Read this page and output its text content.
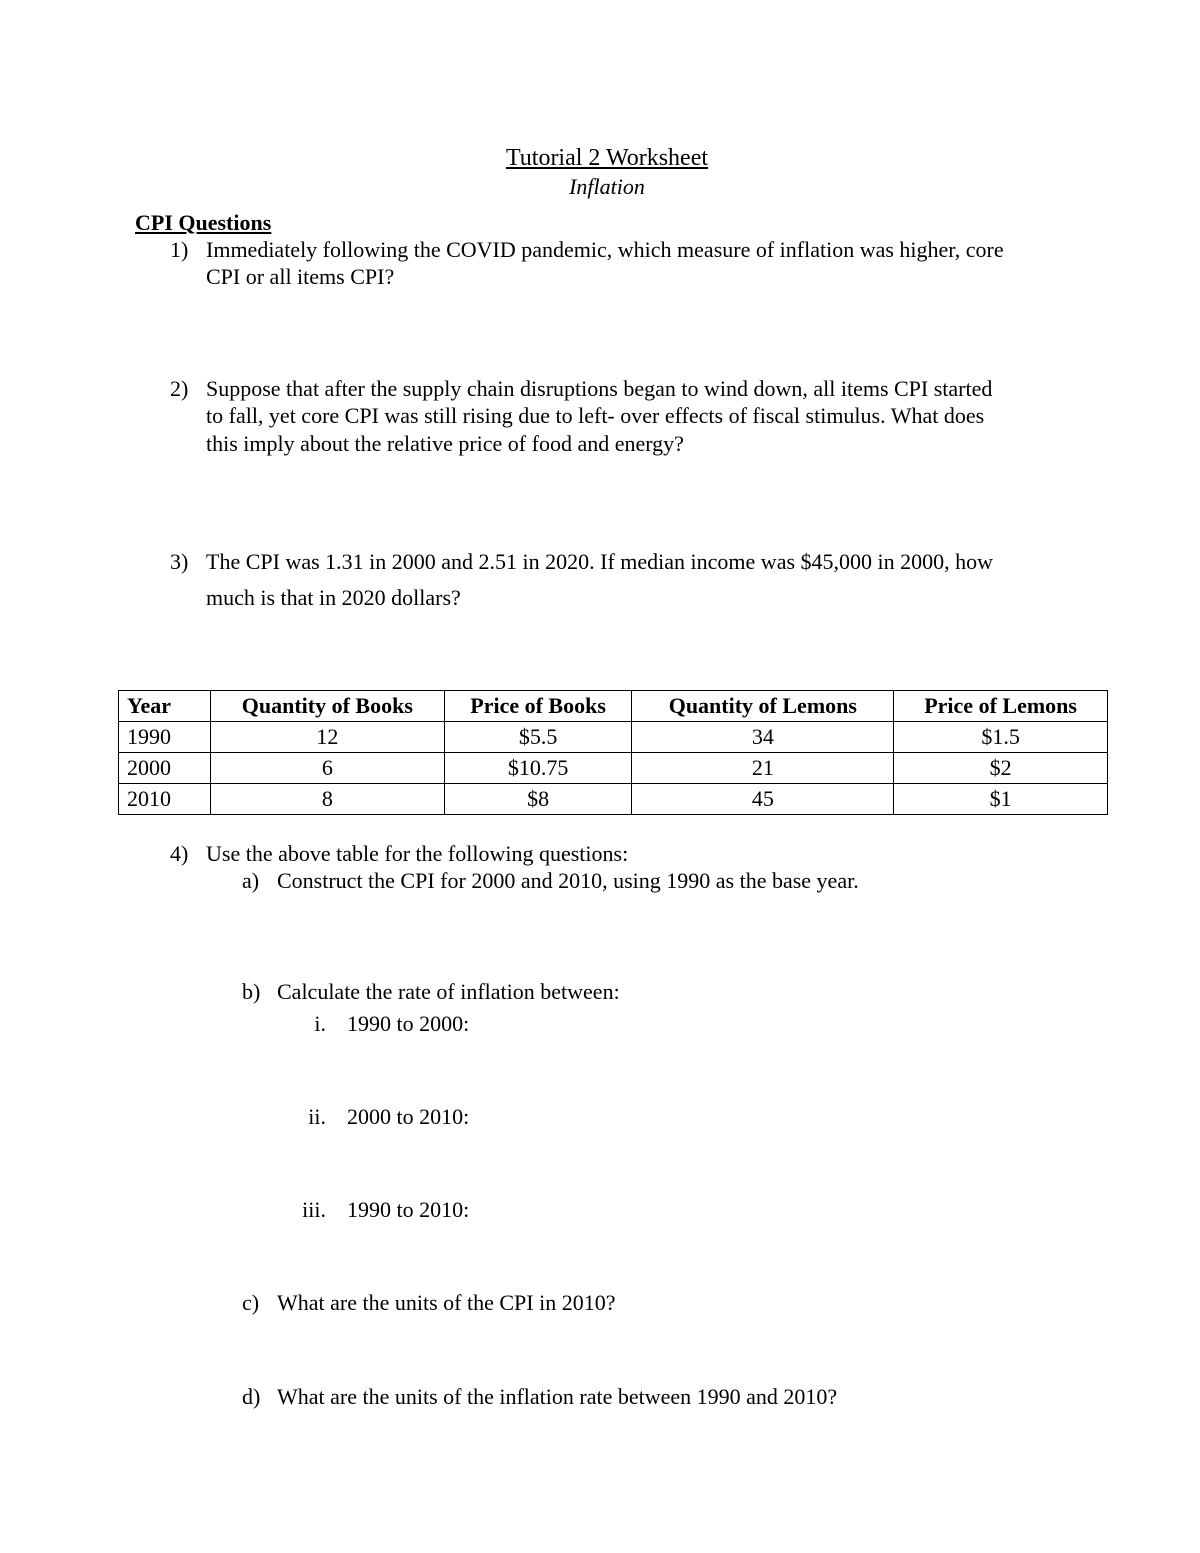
Tutorial 2 Worksheet
Inflation
CPI Questions
1) Immediately following the COVID pandemic, which measure of inflation was higher, core
CPI or all items CPI?
2) Suppose that after the supply chain disruptions began to wind down, all items CPI started
to fall, yet core CPI was still rising due to left- over effects of fiscal stimulus. What does
this imply about the relative price of food and energy?
3) The CPI was 1.31 in 2000 and 2.51 in 2020. If median income was $45,000 in 2000, how
much is that in 2020 dollars?
Year	Quantity of Books	Price of Books	Quantity of Lemons	Price of Lemons
1990	12	$5.5	34	$1.5
2000	6	$10.75	21	$2
2010	8	$8	45	$1
4) Use the above table for the following questions:
a) Construct the CPI for 2000 and 2010, using 1990 as the base year.
b) Calculate the rate of inflation between:
i. 1990 to 2000:
ii. 2000 to 2010:
iii. 1990 to 2010:
c) What are the units of the CPI in 2010?
d) What are the units of the inflation rate between 1990 and 2010?
